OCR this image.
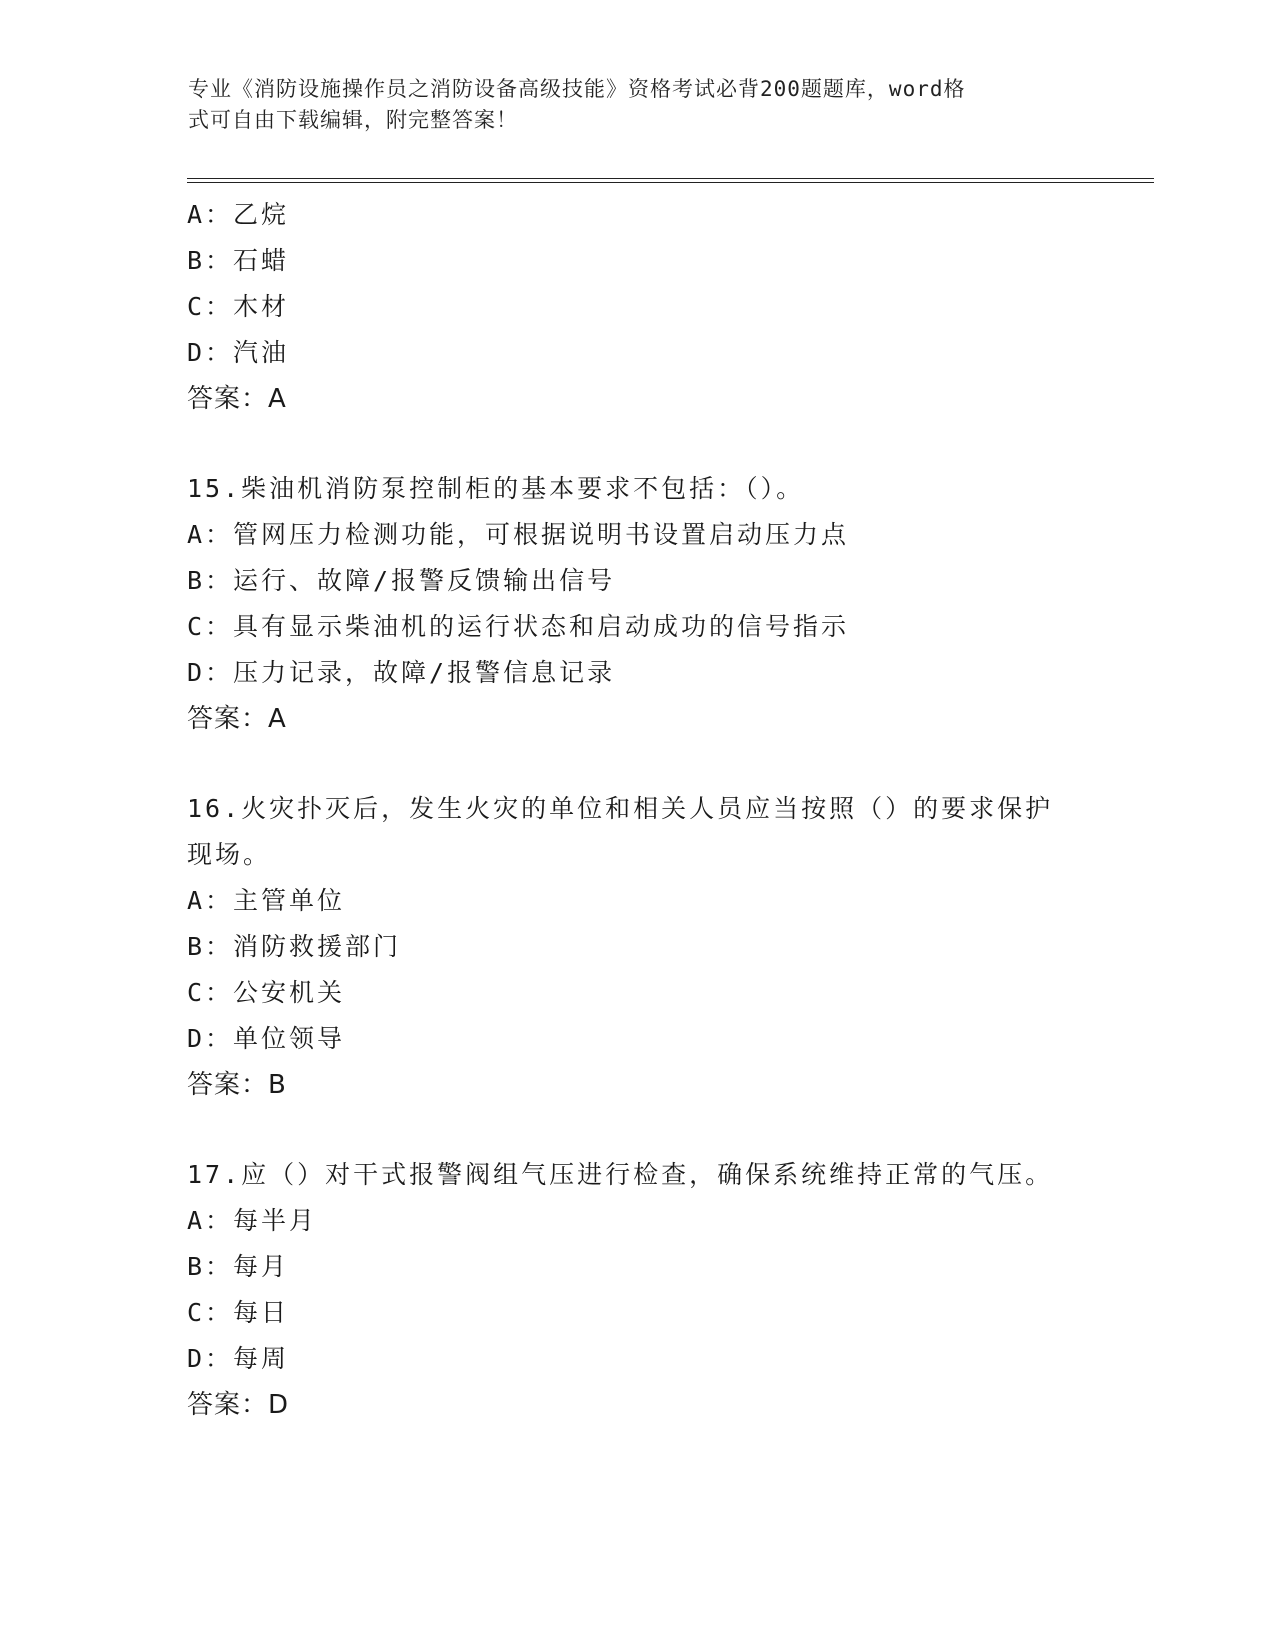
专业《消防设施操作员之消防设备高级技能》资格考试必背200题题库，word格
式可自由下载编辑，附完整答案！
A：乙烷
B：石蜡
C：木材
D：汽油
答案：A
15.柴油机消防泵控制柜的基本要求不包括：（）。
A：管网压力检测功能，可根据说明书设置启动压力点
B：运行、故障/报警反馈输出信号
C：具有显示柴油机的运行状态和启动成功的信号指示
D：压力记录，故障/报警信息记录
答案：A
16.火灾扑灭后，发生火灾的单位和相关人员应当按照（）的要求保护
现场。
A：主管单位
B：消防救援部门
C：公安机关
D：单位领导
答案：B
17.应（）对干式报警阀组气压进行检查，确保系统维持正常的气压。
A：每半月
B：每月
C：每日
D：每周
答案：D
